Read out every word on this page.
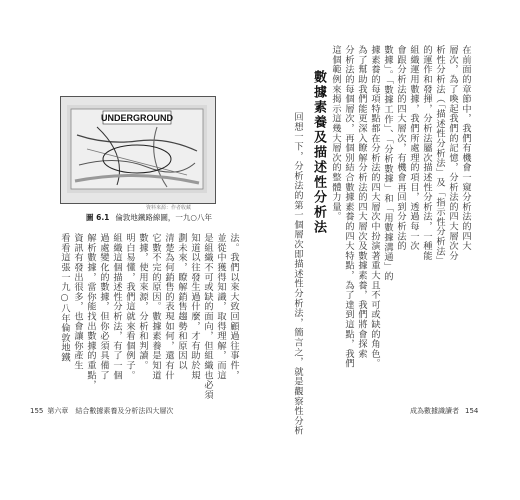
UNDERGROUND
資料來源：作者收藏
圖 6.1 倫敦地鐵路線圖，一九○八年
法。我們以來大致回顧過往事件，
並從中獲得知識，取得理解，而這
是組織不可或缺的面向，但組織也必須
知道以往發生過什麼，才有助於規
劃未來，瞭解銷售趨勢和原因以
清楚為何銷售的表現如何，還有什
它數不完的原因。數據素養是知道
數據，使用來源，分析和判讀。
明白易懂，我們這就來看個例子。
組織這個描述性分析法，有了一個
過處變化的數據，但你必須具備了
解析數據，當你能找出數據的重點，
資訊有發出很多，也會讓你產生
看看這張一九○八年倫敦地鐵
155 第六章　結合數據素養及分析法四大層次
在前面的章節中，我們有機會一窺分析法的四大
層次，為了喚起我們的記憶，分析法的四大層次分
析性分析法（「描述性分析法」及「指示性分析法」
的運作和發揮，分析法屬次描述性分析法，一種能
組織運用數據，我們所處理的項目，透過每一次
會跟分析法的四大層次，有機會再回到分析法的
數據」。「數據工作」、「分析數據」和「用數據溝通」的
據素養的每項特點都在分析法的四大層次中扮演著重大且不可或缺的角色。
為了幫助我們能更深入瞭解分析法的四大層次及數據素養，我們將會探索
分析法的每個層次，再個別結合數據素養的四大特點，為了達到這點，我們
這個範例來揭示這幾大層次的整體力量。
數據素養及描述性分析法
回想一下，分析法的第一個層次即描述性分析法，簡言之，就是觀察性分析	成為數據識讀者 154
